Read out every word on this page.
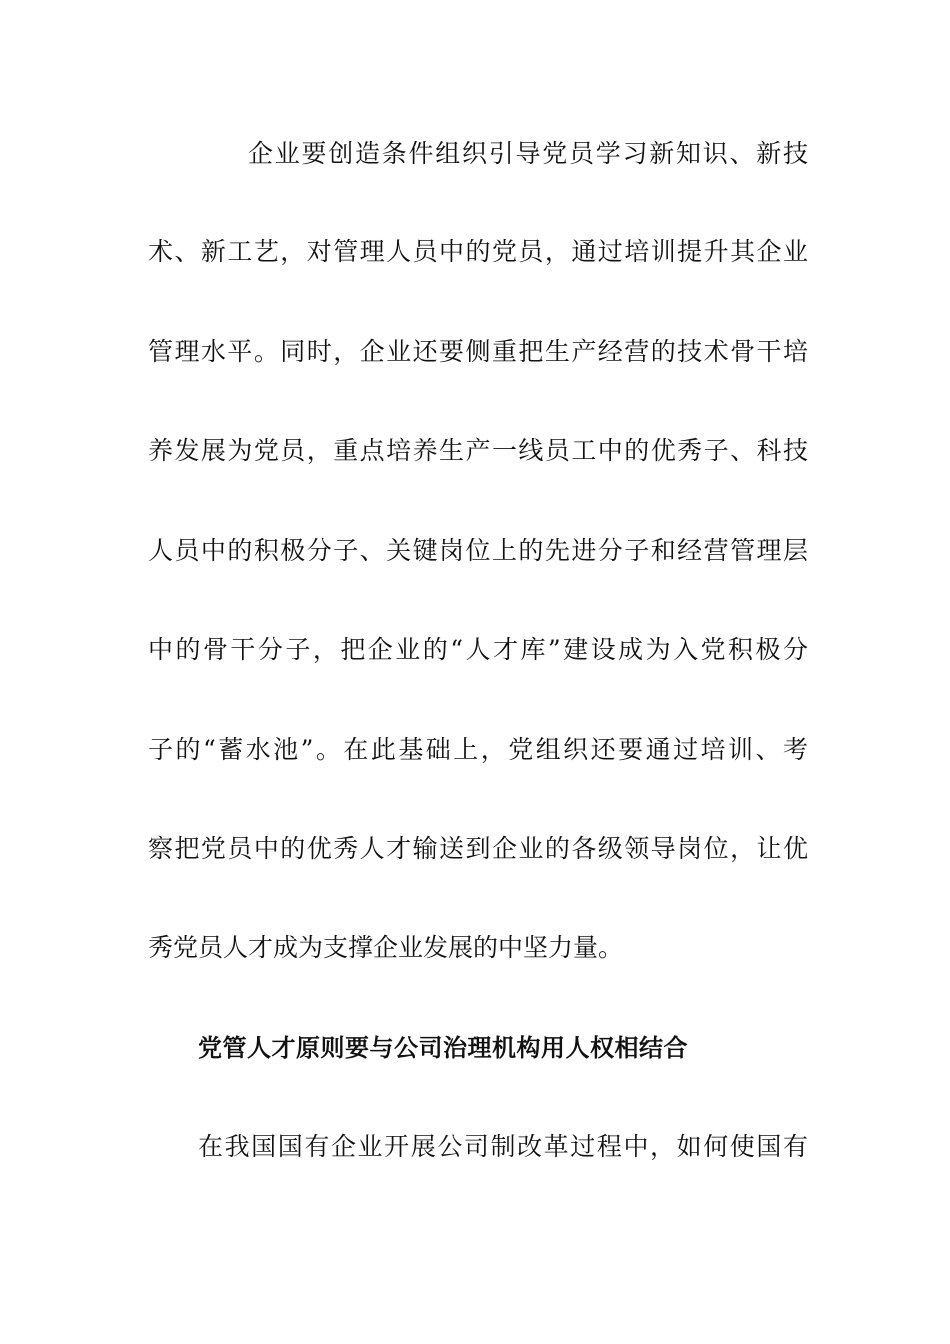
企业要创造条件组织引导党员学习新知识、新技
术、新工艺，对管理人员中的党员，通过培训提升其企业
管理水平。同时，企业还要侧重把生产经营的技术骨干培
养发展为党员，重点培养生产一线员工中的优秀子、科技
人员中的积极分子、关键岗位上的先进分子和经营管理层
中的骨干分子，把企业的“人才库”建设成为入党积极分
子的“蓄水池”。在此基础上，党组织还要通过培训、考
察把党员中的优秀人才输送到企业的各级领导岗位，让优
秀党员人才成为支撑企业发展的中坚力量。
党管人才原则要与公司治理机构用人权相结合
在我国国有企业开展公司制改革过程中，如何使国有
